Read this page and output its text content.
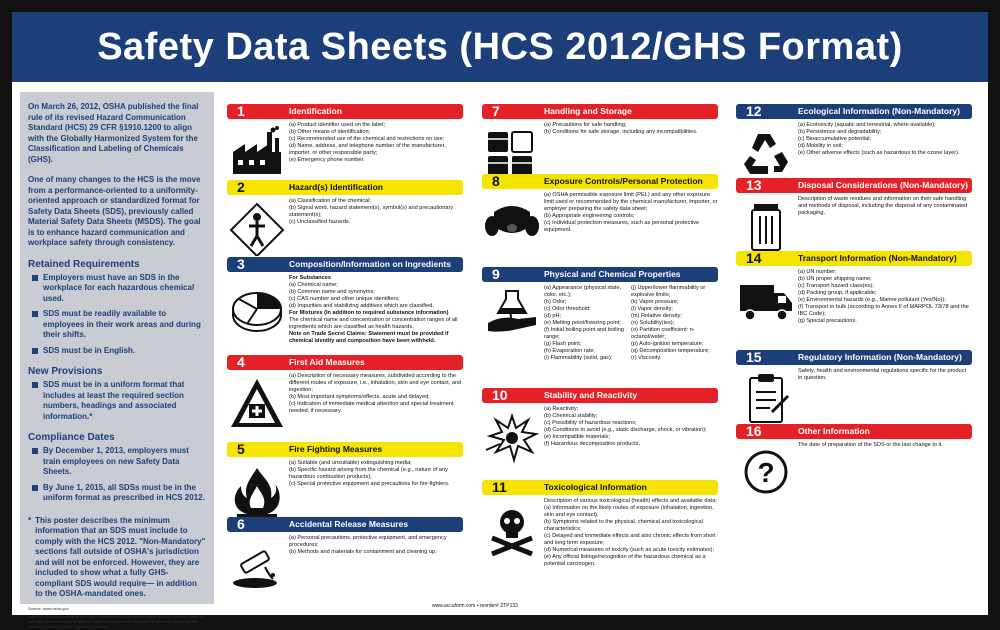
Safety Data Sheets (HCS 2012/GHS Format)
On March 26, 2012, OSHA published the final rule of its revised Hazard Communication Standard (HCS) 29 CFR §1910.1200 to align with the Globally Harmonized System for the Classification and Labeling of Chemicals (GHS).
One of many changes to the HCS is the move from a performance-oriented to a uniformity-oriented approach or standardized format for Safety Data Sheets (SDS), previously called Material Safety Data Sheets (MSDS). The goal is to enhance hazard communication and workplace safety through consistency.
Retained Requirements
Employers must have an SDS in the workplace for each hazardous chemical used.
SDS must be readily available to employees in their work areas and during their shifts.
SDS must be in English.
New Provisions
SDS must be in a uniform format that includes at least the required section numbers, headings and associated information.*
Compliance Dates
By December 1, 2013, employers must train employees on new Safety Data Sheets.
By June 1, 2015, all SDSs must be in the uniform format as prescribed in HCS 2012.
* This poster describes the minimum information that an SDS must include to comply with the HCS 2012. "Non-Mandatory" sections fall outside of OSHA's jurisdiction and will not be enforced. However, they are included to show what a fully GHS-compliant SDS would require— in addition to the OSHA-mandated ones.
Source: www.osha.gov
Note: The information included in this poster is believed to be accurate and current. However, Accuform makes no warranty to that effect and is not liable for how this product is used. Users are responsible for determining the product's applicability to their respective applications.
1	Identification
(a) Product identifier used on the label;
(b) Other means of identification;
(c) Recommended use of the chemical and restrictions on use;
(d) Name, address, and telephone number of the manufacturer, importer, or other responsible party;
(e) Emergency phone number.
2	Hazard(s) Identification
(a) Classification of the chemical;
(b) Signal word, hazard statement(s), symbol(s) and precautionary statement(s);
(c) Unclassified hazards.
3	Composition/Information on Ingredients
For Substances
(a) Chemical name;
(b) Common name and synonyms;
(c) CAS number and other unique identifiers;
(d) Impurities and stabilizing additives which are classified.
For Mixtures (In addition to required substance information)
The chemical name and concentration or concentration ranges of all ingredients which are classified as health hazards.
Note on Trade Secret Claims: Statement must be provided if chemical identity and composition have been withheld.
4	First Aid Measures
(a) Description of necessary measures, subdivided according to the different routes of exposure, i.e., inhalation, skin and eye contact, and ingestion;
(b) Most important symptoms/effects, acute and delayed;
(c) Indication of immediate medical attention and special treatment needed, if necessary.
5	Fire Fighting Measures
(a) Suitable (and unsuitable) extinguishing media;
(b) Specific hazard arising from the chemical (e.g., nature of any hazardous combustion products);
(c) Special protective equipment and precautions for fire-fighters.
6	Accidental Release Measures
(a) Personal precautions, protective equipment, and emergency procedures;
(b) Methods and materials for containment and cleaning up.
7	Handling and Storage
(a) Precautions for safe handling;
(b) Conditions for safe storage, including any incompatibilities.
8	Exposure Controls/Personal Protection
(a) OSHA permissible exposure limit (PEL) and any other exposure limit used or recommended by the chemical manufacturer, importer, or employer preparing the safety data sheet;
(b) Appropriate engineering controls;
(c) Individual protection measures, such as personal protective equipment.
9	Physical and Chemical Properties
(a) Appearance (physical state, color, etc.);
(b) Odor;
(c) Odor threshold;
(d) pH;
(e) Melting point/freezing point;
(f) Initial boiling point and boiling range;
(g) Flash point;
(h) Evaporation rate;
(i) Flammability (solid, gas);
(j) Upper/lower flammability or explosive limits;
(k) Vapor pressure;
(l) Vapor density;
(m) Relative density;
(n) Solubility(ies);
(o) Partition coefficient: n-octanol/water;
(p) Auto-ignition temperature;
(q) Decomposition temperature;
(r) Viscosity.
10	Stability and Reactivity
(a) Reactivity;
(b) Chemical stability;
(c) Possibility of hazardous reactions;
(d) Conditions to avoid (e.g., static discharge, shock, or vibration);
(e) Incompatible materials;
(f) Hazardous decomposition products.
11	Toxicological Information
Description of various toxicological (health) effects and available data;
(a) Information on the likely routes of exposure (inhalation, ingestion, skin and eye contact);
(b) Symptoms related to the physical, chemical and toxicological characteristics;
(c) Delayed and immediate effects and also chronic effects from short and long term exposure;
(d) Numerical measures of toxicity (such as acute toxicity estimates);
(e) Any official listings/recognition of the hazardous chemical as a potential carcinogen.
12	Ecological Information (Non-Mandatory)
(a) Ecotoxicity (aquatic and terrestrial, where available);
(b) Persistence and degradability;
(c) Bioaccumulative potential;
(d) Mobility in soil;
(e) Other adverse effects (such as hazardous to the ozone layer).
13	Disposal Considerations (Non-Mandatory)
Description of waste residues and information on their safe handling and methods of disposal, including the disposal of any contaminated packaging.
14	Transport Information (Non-Mandatory)
(a) UN number;
(b) UN proper shipping name;
(c) Transport hazard class(es);
(d) Packing group, if applicable;
(e) Environmental hazards (e.g., Marine pollutant (Yes/No));
(f) Transport in bulk (according to Annex II of MARPOL 73/78 and the IBC Code);
(g) Special precautions.
15	Regulatory Information (Non-Mandatory)
Safety, health and environmental regulations specific for the product in question.
16	Other Information
?
The date of preparation of the SDS or the last change to it.
www.accuform.com • reorder# ZTP133
